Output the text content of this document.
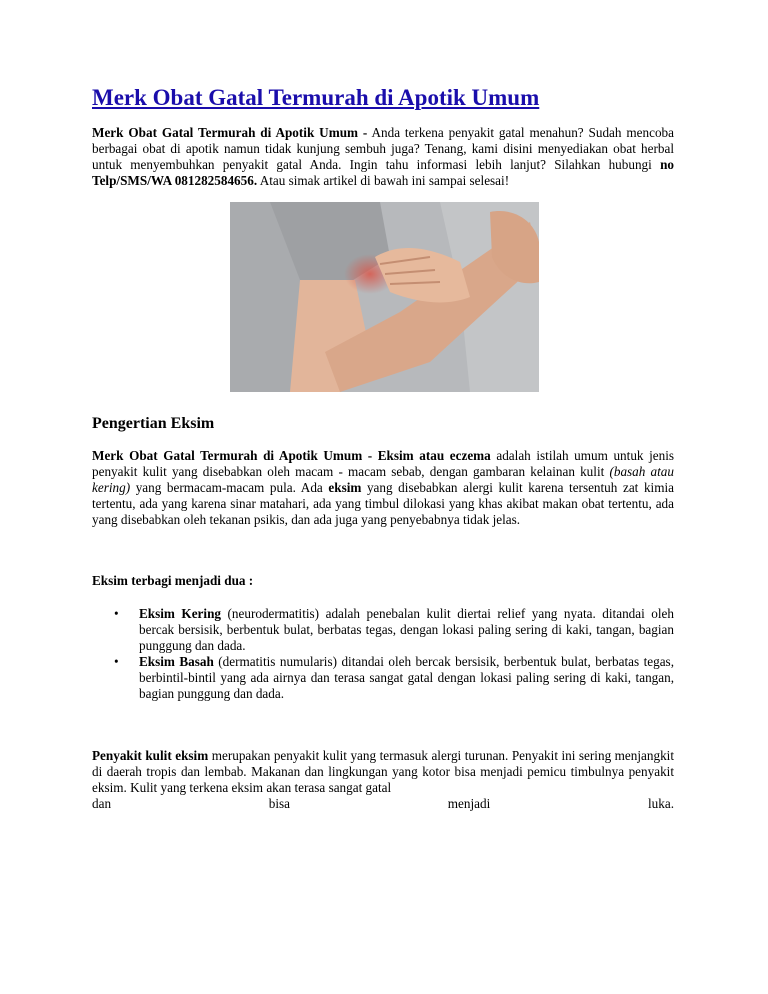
Merk Obat Gatal Termurah di Apotik Umum

Merk Obat Gatal Termurah di Apotik Umum - Anda terkena penyakit gatal menahun? Sudah mencoba berbagai obat di apotik namun tidak kunjung sembuh juga? Tenang, kami disini menyediakan obat herbal untuk menyembuhkan penyakit gatal Anda. Ingin tahu informasi lebih lanjut? Silahkan hubungi no Telp/SMS/WA 081282584656. Atau simak artikel di bawah ini sampai selesai!

Pengertian Eksim

Merk Obat Gatal Termurah di Apotik Umum - Eksim atau eczema adalah istilah umum untuk jenis penyakit kulit yang disebabkan oleh macam - macam sebab, dengan gambaran kelainan kulit (basah atau kering) yang bermacam-macam pula. Ada eksim yang disebabkan alergi kulit karena tersentuh zat kimia tertentu, ada yang karena sinar matahari, ada yang timbul dilokasi yang khas akibat makan obat tertentu, ada yang disebabkan oleh tekanan psikis, dan ada juga yang penyebabnya tidak jelas.

Eksim terbagi menjadi dua :
• Eksim Kering (neurodermatitis) adalah penebalan kulit diertai relief yang nyata. ditandai oleh bercak bersisik, berbentuk bulat, berbatas tegas, dengan lokasi paling sering di kaki, tangan, bagian punggung dan dada.
• Eksim Basah (dermatitis numularis) ditandai oleh bercak bersisik, berbentuk bulat, berbatas tegas, berbintil-bintil yang ada airnya dan terasa sangat gatal dengan lokasi paling sering di kaki, tangan, bagian punggung dan dada.

Penyakit kulit eksim merupakan penyakit kulit yang termasuk alergi turunan. Penyakit ini sering menjangkit di daerah tropis dan lembab. Makanan dan lingkungan yang kotor bisa menjadi pemicu timbulnya penyakit eksim. Kulit yang terkena eksim akan terasa sangat gatal

dan	bisa	menjadi	luka.
